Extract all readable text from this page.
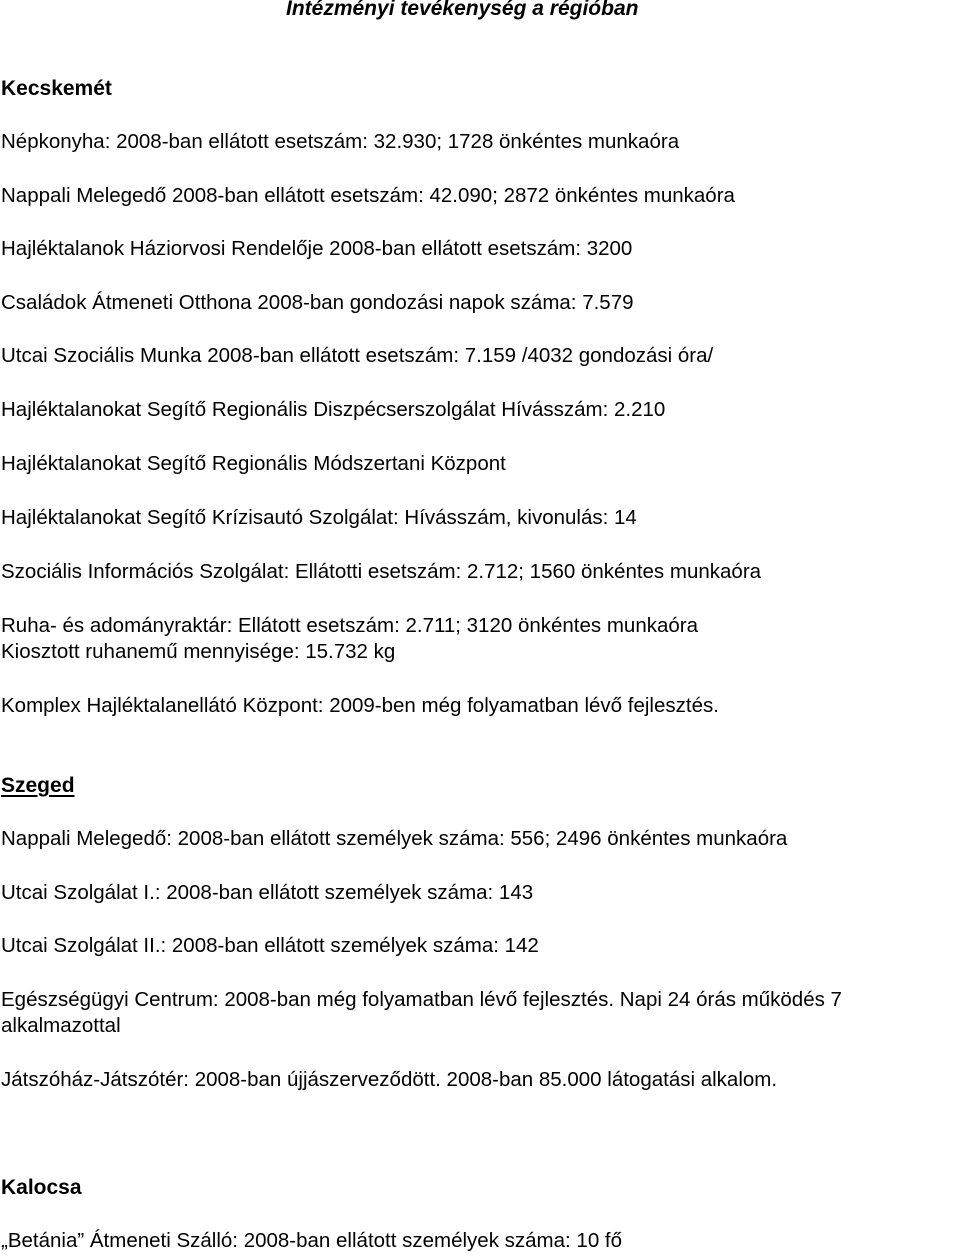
Intézményi tevékenység a régióban
Kecskemét

Népkonyha: 2008-ban ellátott esetszám: 32.930; 1728 önkéntes munkaóra

Nappali Melegedő 2008-ban ellátott esetszám: 42.090; 2872 önkéntes munkaóra

Hajléktalanok Háziorvosi Rendelője 2008-ban ellátott esetszám: 3200

Családok Átmeneti Otthona 2008-ban gondozási napok száma: 7.579

Utcai Szociális Munka 2008-ban ellátott esetszám: 7.159 /4032 gondozási óra/

Hajléktalanokat Segítő Regionális Diszpécserszolgálat Hívásszám: 2.210

Hajléktalanokat Segítő Regionális Módszertani Központ

Hajléktalanokat Segítő Krízisautó Szolgálat: Hívásszám, kivonulás: 14

Szociális Információs Szolgálat: Ellátotti esetszám: 2.712; 1560 önkéntes munkaóra

Ruha- és adományraktár: Ellátott esetszám: 2.711; 3120 önkéntes munkaóra

Kiosztott ruhanemű mennyisége: 15.732 kg

Komplex Hajléktalanellátó Központ: 2009-ben még folyamatban lévő fejlesztés.

Szeged

Nappali Melegedő: 2008-ban ellátott személyek száma: 556; 2496 önkéntes munkaóra

Utcai Szolgálat I.: 2008-ban ellátott személyek száma: 143

Utcai Szolgálat II.: 2008-ban ellátott személyek száma: 142

Egészségügyi Centrum: 2008-ban még folyamatban lévő fejlesztés. Napi 24 órás működés 7

alkalmazottal

Játszóház-Játszótér: 2008-ban újjászerveződött. 2008-ban 85.000 látogatási alkalom.

Kalocsa

„Betánia” Átmeneti Szálló: 2008-ban ellátott személyek száma: 10 fő
